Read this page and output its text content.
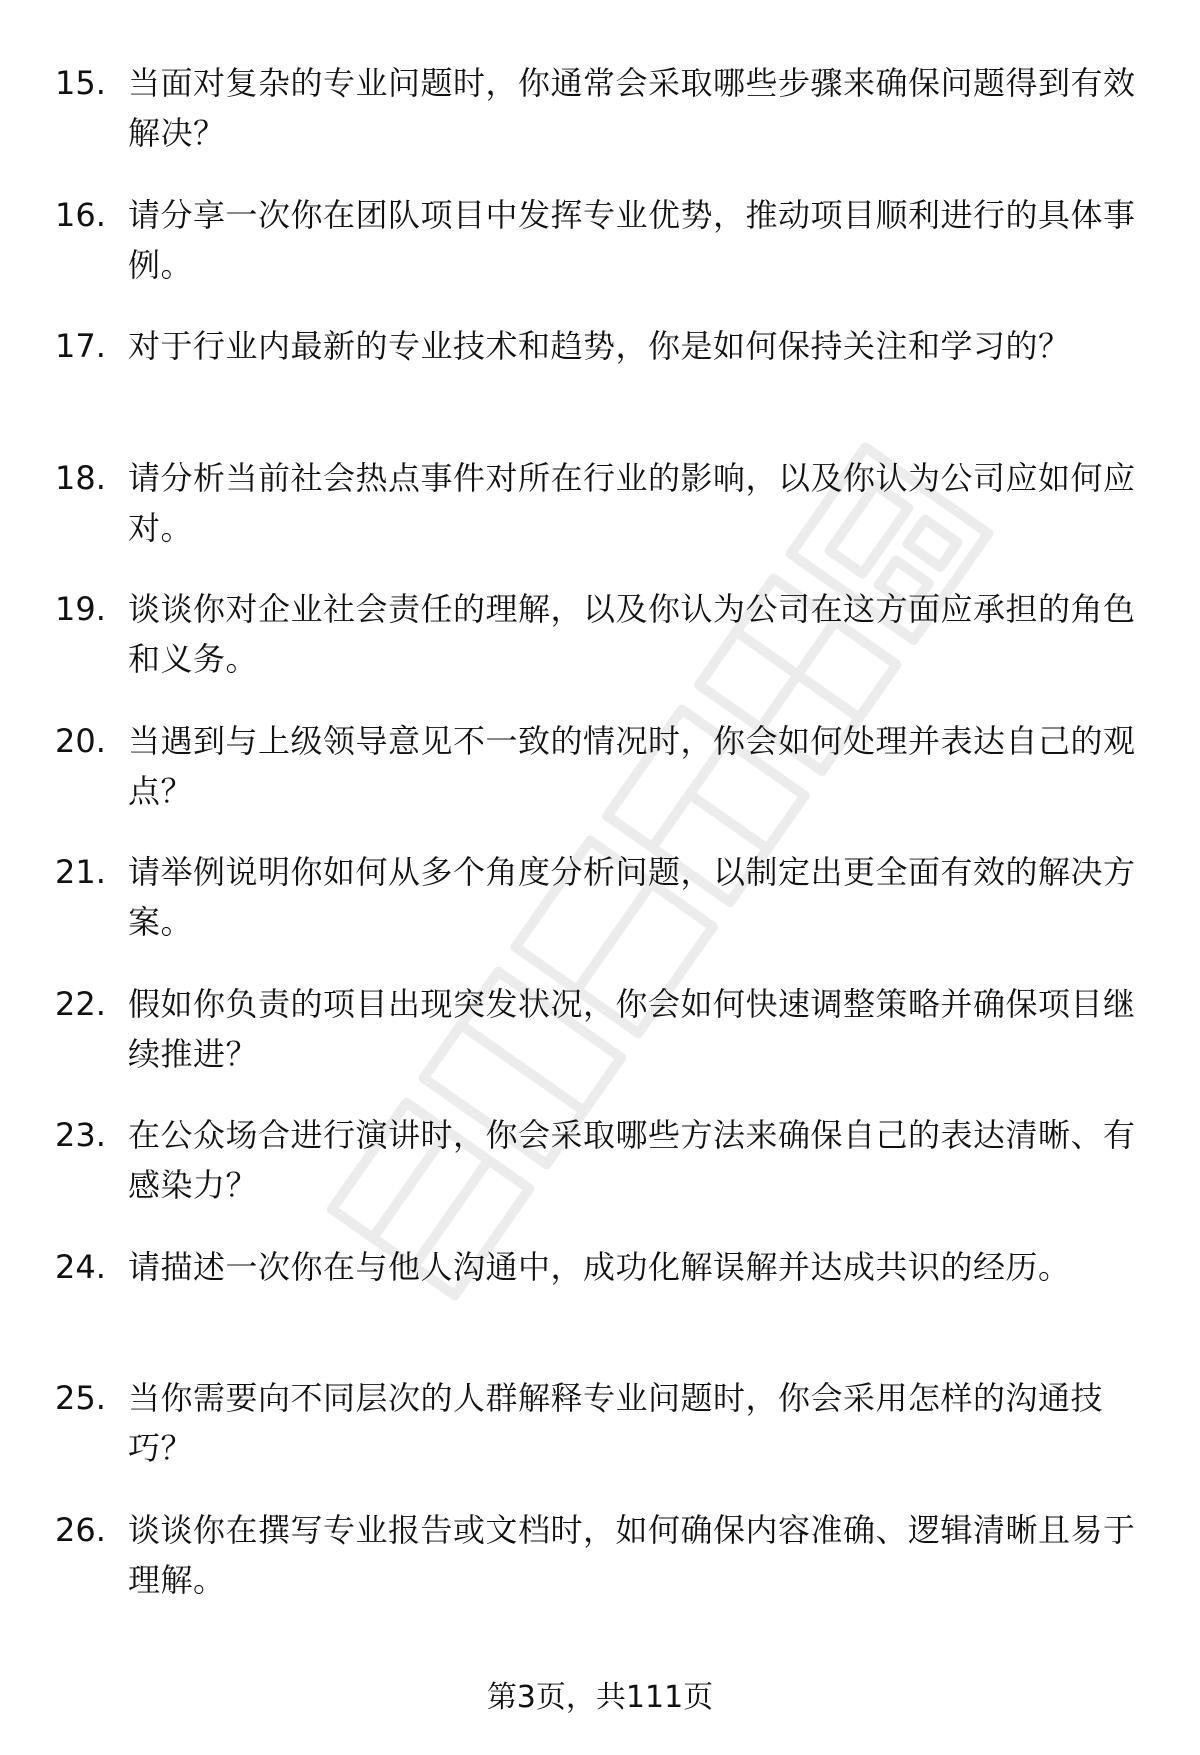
15. 当面对复杂的专业问题时，你通常会采取哪些步骤来确保问题得到有效解决？
16. 请分享一次你在团队项目中发挥专业优势，推动项目顺利进行的具体事例。
17. 对于行业内最新的专业技术和趋势，你是如何保持关注和学习的？
18. 请分析当前社会热点事件对所在行业的影响，以及你认为公司应如何应对。
19. 谈谈你对企业社会责任的理解，以及你认为公司在这方面应承担的角色和义务。
20. 当遇到与上级领导意见不一致的情况时，你会如何处理并表达自己的观点？
21. 请举例说明你如何从多个角度分析问题，以制定出更全面有效的解决方案。
22. 假如你负责的项目出现突发状况，你会如何快速调整策略并确保项目继续推进？
23. 在公众场合进行演讲时，你会采取哪些方法来确保自己的表达清晰、有感染力？
24. 请描述一次你在与他人沟通中，成功化解误解并达成共识的经历。
25. 当你需要向不同层次的人群解释专业问题时，你会采用怎样的沟通技巧？
26. 谈谈你在撰写专业报告或文档时，如何确保内容准确、逻辑清晰且易于理解。
第3页，共111页
